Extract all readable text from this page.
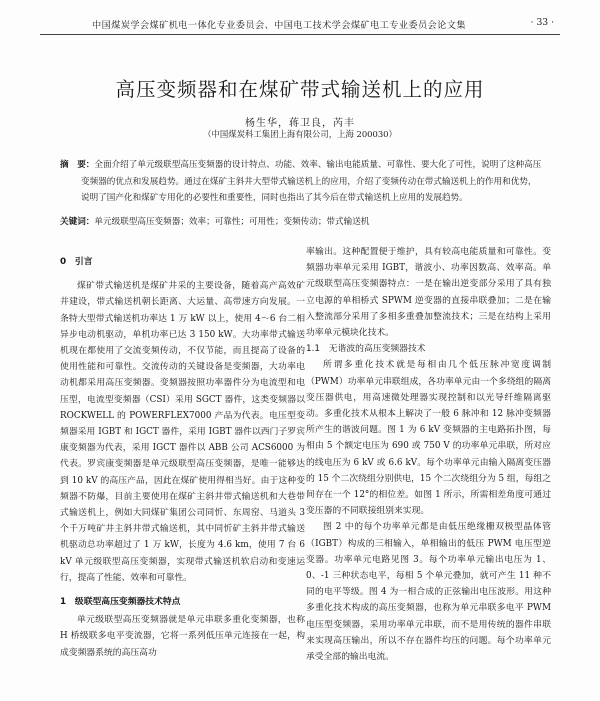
中国煤炭学会煤矿机电一体化专业委员会、中国电工技术学会煤矿电工专业委员会论文集	· 33 ·
高压变频器和在煤矿带式输送机上的应用
杨生华，蒋卫良，芮丰
（中国煤炭科工集团上海有限公司，上海 200030）
摘　要：全面介绍了单元级联型高压变频器的设计特点、功能、效率、输出电能质量、可靠性、要大化了可性，说明了这种高压变频器的优点和发展趋势。通过在煤矿主斜井大型带式输送机上的应用，介绍了变频传动在带式输送机上的作用和优势，说明了国产化和煤矿专用化的必要性和重要性，同时也指出了其今后在带式输送机上应用的发展趋势。
关键词：单元级联型高压变频器；效率；可靠性；可用性；变频传动；带式输送机
0　引言

煤矿带式输送机是煤矿井采的主要设备，随着高产高效矿井建设，带式输送机朝长距离、大运量、高带速方向发展。一条特大型带式输送机功率达 1 万 kW 以上，使用 4～6 台二相异步电动机驱动，单机功率已达 3 150 kW。大功率带式输送机现在都使用了交流变频传动，不仅节能，而且提高了设备的使用性能和可靠性。交流传动的关键设备是变频器，大功率电动机都采用高压变频器。变频器按照功率器件分为电流型和电压型，电流型变频器（CSI）采用 SGCT 器件，这类变频器以 ROCKWELL 的 POWERFLEX7000 产品为代表。电压型变频器采用 IGBT 和 IGCT 器件，采用 IGBT 器件以西门子罗宾康变频器为代表，采用 IGCT 器件以 ABB 公司 ACS6000 为代表。罗宾康变频器是单元级联型高压变频器，是唯一能够达到 10 kV 的高压产品，因此在煤矿使用得相当好。由于这种变频器不防爆，目前主要使用在煤矿主斜井带式输送机和大巷带式输送机上，例如大同煤矿集团公司同忻、东周窑、马道头 3 个千万吨矿井主斜井带式输送机，其中同忻矿主斜井带式输送机驱动总功率超过了 1 万 kW，长度为 4.6 km，使用 7 台 6 kV 单元级联型高压变频器，实现带式输送机软启动和变速运行，提高了性能、效率和可靠性。

1　级联型高压变频器技术特点

单元级联型高压变频器就是单元串联多重化变频器，也称 H 桥级联多电平变流器，它将一系列低压单元连接在一起，构成变频器系统的高压高功

率输出。这种配置便于维护，具有较高电能质量和可靠性。变频器功率单元采用 IGBT，谐波小、功率因数高、效率高。单元级联型高压变频器特点：一是在输出逆变部分采用了具有独立电源的单相桥式 SPWM 逆变器的直接串联叠加；二是在输入整流部分采用了多相多重叠加整流技术；三是在结构上采用功率单元模块化技术。

1.1　无谐波的高压变频器技术

所谓多重化技术就是每相由几个低压脉冲宽度调制（PWM）功率单元串联组成，各功率单元由一个多绕组的隔离变压器供电，用高速微处理器实现控制和以光导纤维隔离驱动。多重化技术从根本上解决了一般 6 脉冲和 12 脉冲变频器所产生的谐波问题。图 1 为 6 kV 变频器的主电路拓扑图，每相由 5 个额定电压为 690 或 750 V 的功率单元串联，所对应的线电压为 6 kV 或 6.6 kV。每个功率单元由输入隔离变压器的 15 个二次绕组分别供电，15 个二次绕组分为 5 组，每组之间存在一个 12°的相位差。如图 1 所示，所需相差角度可通过变压器的不同联接组别来实现。

图 2 中的每个功率单元都是由低压绝缘栅双极型晶体管（IGBT）构成的三相输入，单相输出的低压 PWM 电压型逆变器。功率单元电路见图 3。每个功率单元输出电压为 1、0、-1 三种状态电平，每相 5 个单元叠加，就可产生 11 种不同的电平等级。图 4 为一相合成的正弦输出电压波形。用这种多重化技术构成的高压变频器，也称为单元串联多电平 PWM 电压型变频器，采用功率单元串联，而不是用传统的器件串联来实现高压输出，所以不存在器件均压的问题。每个功率单元承受全部的输出电流。
